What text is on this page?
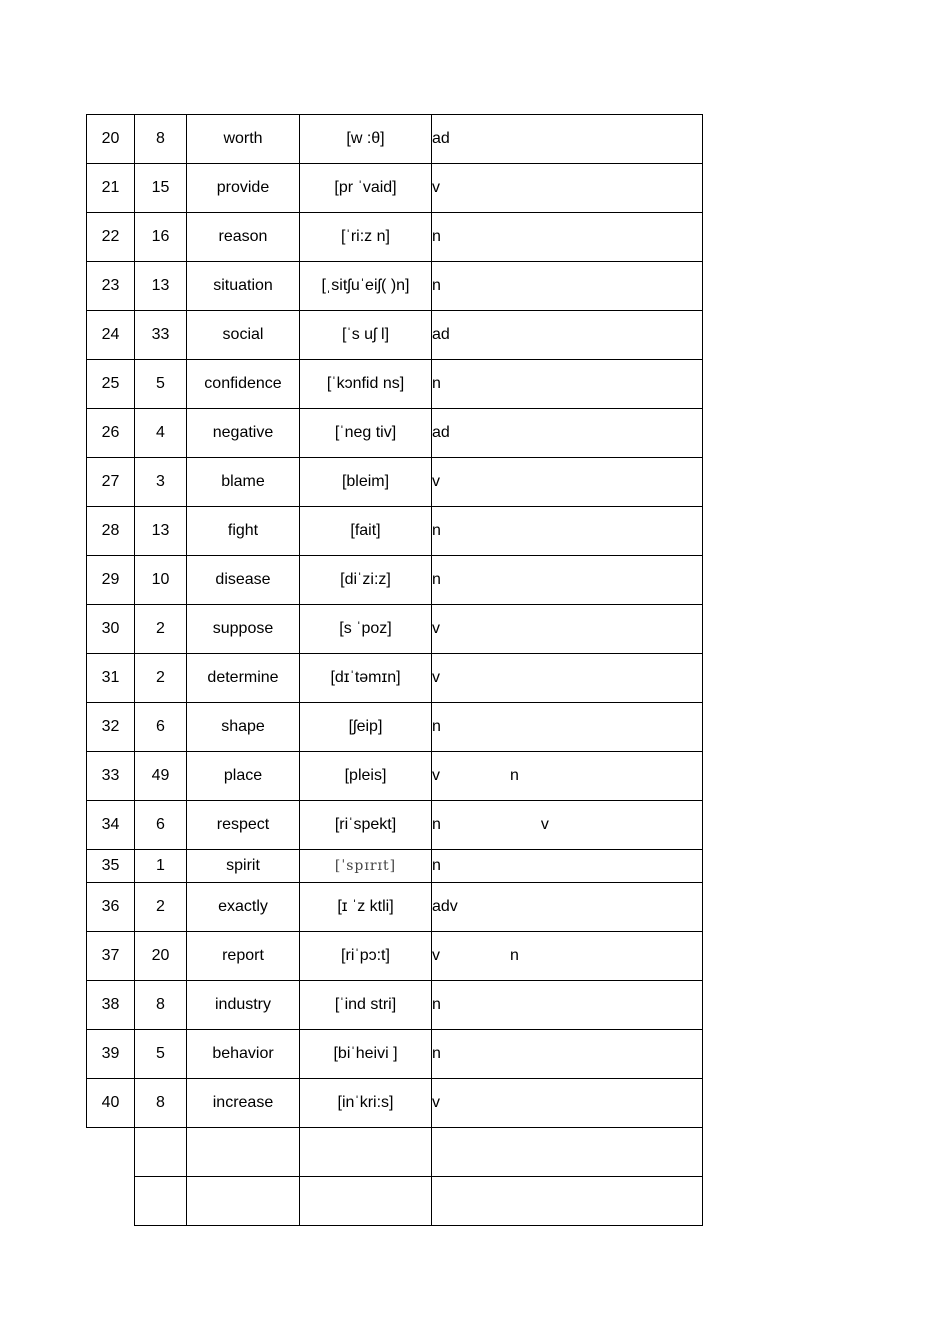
20	8	worth	[w :θ]	ad
21	15	provide	[pr ˈvaid]	v
22	16	reason	[ˈri:z n]	n
23	13	situation	[ˌsitʃuˈeiʃ( )n]	n
24	33	social	[ˈs uʃ l]	ad
25	5	confidence	[ˈkɔnfid ns]	n
26	4	negative	[ˈneg tiv]	ad
27	3	blame	[bleim]	v
28	13	fight	[fait]	n
29	10	disease	[diˈzi:z]	n
30	2	suppose	[s ˈpoz]	v
31	2	determine	[dɪˈtəmɪn]	v
32	6	shape	[ʃeip]	n
33	49	place	[pleis]	v n
34	6	respect	[riˈspekt]	n v
35	1	spirit	[ˈspɪrɪt]	n
36	2	exactly	[ɪ ˈz ktli]	adv
37	20	report	[riˈpɔ:t]	v n
38	8	industry	[ˈind stri]	n
39	5	behavior	[biˈheivi ]	n
40	8	increase	[inˈkri:s]	v
